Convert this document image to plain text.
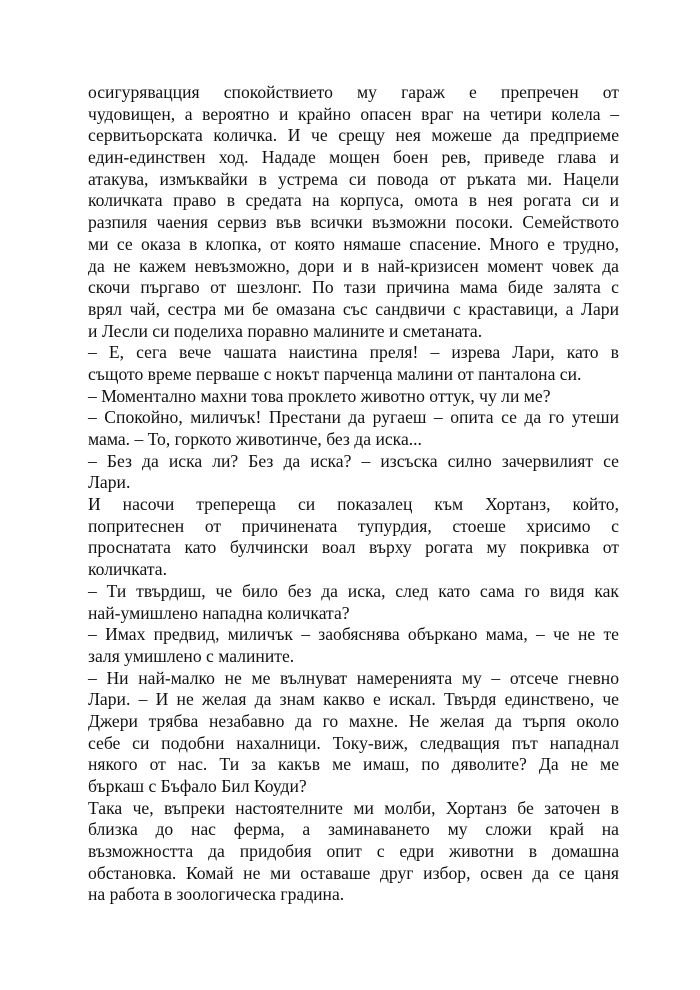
осигурявацция спокойствието му гараж е препречен от
чудовищен, а вероятно и крайно опасен враг на четири колела –
сервитьорската количка. И че срещу нея можеше да предприеме
един-единствен ход. Нададе мощен боен рев, приведе глава и
атакува, измъквайки в устрема си повода от ръката ми. Нацели
количката право в средата на корпуса, омота в нея рогата си и
разпиля чаения сервиз във всички възможни посоки. Семейството
ми се оказа в клопка, от която нямаше спасение. Много е трудно,
да не кажем невъзможно, дори и в най-кризисен момент човек да
скочи пъргаво от шезлонг. По тази причина мама биде залята с
врял чай, сестра ми бе омазана със сандвичи с краставици, а Лари
и Лесли си поделиха поравно малините и сметаната.
– Е, сега вече чашата наистина преля! – изрева Лари, като в
същото време перваше с нокът парченца малини от панталона си.
– Моментално махни това проклето животно оттук, чу ли ме?
– Спокойно, миличък! Престани да ругаеш – опита се да го утеши
мама. – То, горкото животинче, без да иска...
– Без да иска ли? Без да иска? – изсъска силно зачервилият се
Лари.
И насочи трепереща си показалец към Хортанз, който,
попритеснен от причинената тупурдия, стоеше хрисимо с
проснатата като булчински воал върху рогата му покривка от
количката.
– Ти твърдиш, че било без да иска, след като сама го видя как
най-умишлено нападна количката?
– Имах предвид, миличък – заобяснява объркано мама, – че не те
заля умишлено с малините.
– Ни най-малко не ме вълнуват намеренията му – отсече гневно
Лари. – И не желая да знам какво е искал. Твърдя единствено, че
Джери трябва незабавно да го махне. Не желая да търпя около
себе си подобни нахалници. Току-виж, следващия път нападнал
някого от нас. Ти за какъв ме имаш, по дяволите? Да не ме
бъркаш с Бъфало Бил Коуди?
Така че, въпреки настоятелните ми молби, Хортанз бе заточен в
близка до нас ферма, а заминаването му сложи край на
възможността да придобия опит с едри животни в домашна
обстановка. Комай не ми оставаше друг избор, освен да се цаня
на работа в зоологическа градина.
